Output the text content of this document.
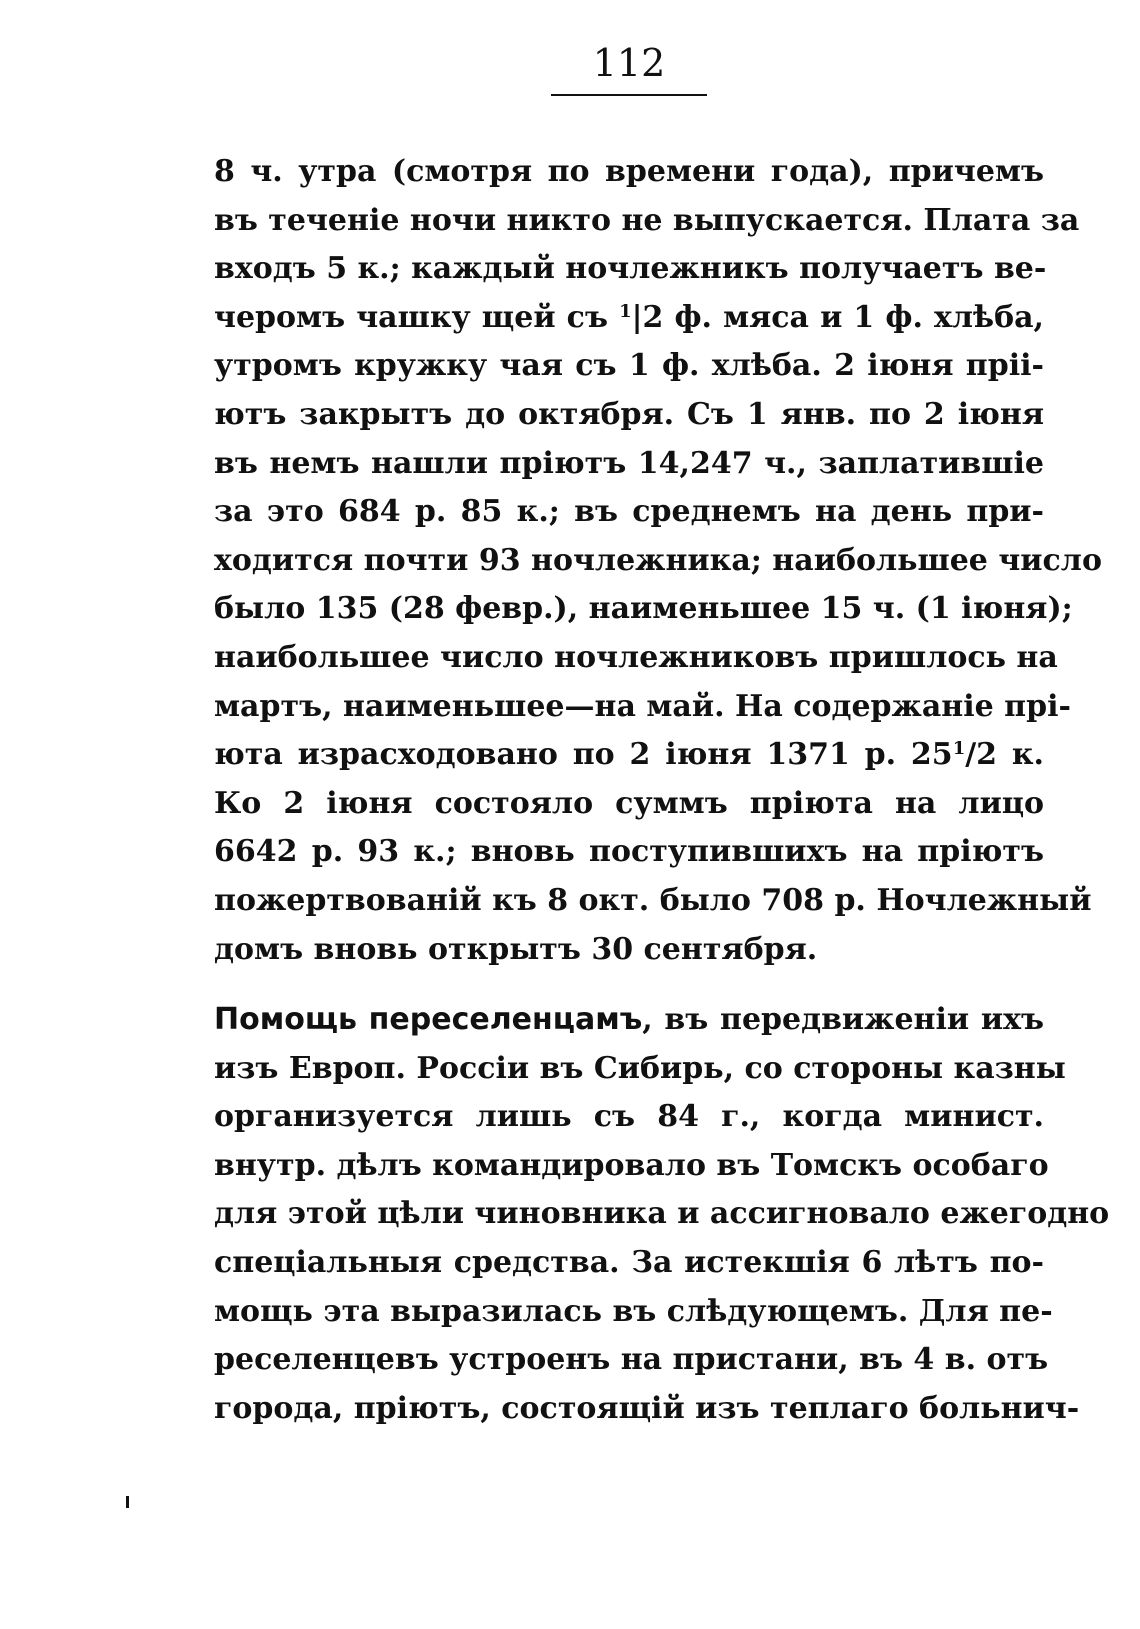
112
8 ч. утра (смотря по времени года), причемъ
въ теченіе ночи никто не выпускается. Плата за
входъ 5 к.; каждый ночлежникъ получаетъ ве-
черомъ чашку щей съ $^1$|2 ф. мяса и 1 ф. хлѣба,
утромъ кружку чая съ 1 ф. хлѣба. 2 іюня пріі-
ютъ закрытъ до октября. Съ 1 янв. по 2 іюня
въ немъ нашли пріютъ 14,247 ч., заплатившіе
за это 684 р. 85 к.; въ среднемъ на день при-
ходится почти 93 ночлежника; наибольшее число
было 135 (28 февр.), наименьшее 15 ч. (1 іюня);
наибольшее число ночлежниковъ пришлось на
мартъ, наименьшее—на май. На содержаніе прі-
юта израсходовано по 2 іюня 1371 р. $25^1/2$ к.
Ко 2 іюня состояло суммъ пріюта на лицо
6642 р. 93 к.; вновь поступившихъ на пріютъ
пожертвованій къ 8 окт. было 708 р. Ночлежный
домъ вновь открытъ 30 сентября.
Помощь переселенцамъ, въ передвиженіи ихъ
изъ Европ. Россіи въ Сибирь, со стороны казны
организуется лишь съ 84 г., когда минист.
внутр. дѣлъ командировало въ Томскъ особаго
для этой цѣли чиновника и ассигновало ежегодно
спеціальныя средства. За истекшія 6 лѣтъ по-
мощь эта выразилась въ слѣдующемъ. Для пе-
реселенцевъ устроенъ на пристани, въ 4 в. отъ
города, пріютъ, состоящій изъ теплаго больнич-
